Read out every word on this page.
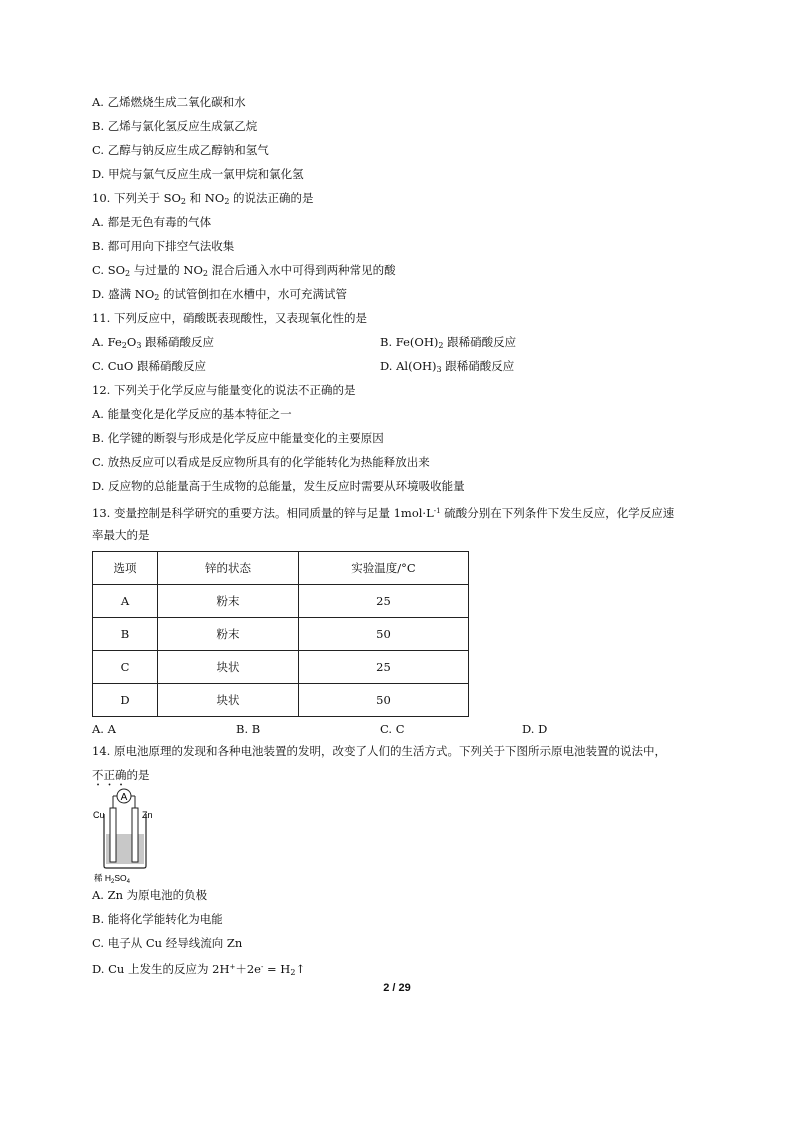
A. 乙烯燃烧生成二氧化碳和水
B. 乙烯与氯化氢反应生成氯乙烷
C. 乙醇与钠反应生成乙醇钠和氢气
D. 甲烷与氯气反应生成一氯甲烷和氯化氢
10. 下列关于 $SO_2$ 和 $NO_2$ 的说法正确的是
A. 都是无色有毒的气体
B. 都可用向下排空气法收集
C. $SO_2$ 与过量的 $NO_2$ 混合后通入水中可得到两种常见的酸
D. 盛满 $NO_2$ 的试管倒扣在水槽中，水可充满试管
11. 下列反应中，硝酸既表现酸性，又表现氧化性的是
A. $Fe_2O_3$ 跟稀硝酸反应	B. $Fe(OH)_2$ 跟稀硝酸反应
C. CuO 跟稀硝酸反应	D. $Al(OH)_3$ 跟稀硝酸反应
12. 下列关于化学反应与能量变化的说法不正确的是
A. 能量变化是化学反应的基本特征之一
B. 化学键的断裂与形成是化学反应中能量变化的主要原因
C. 放热反应可以看成是反应物所具有的化学能转化为热能释放出来
D. 反应物的总能量高于生成物的总能量，发生反应时需要从环境吸收能量
13. 变量控制是科学研究的重要方法。相同质量的锌与足量 $1mol\cdot L^{-1}$ 硫酸分别在下列条件下发生反应，化学反应速
率最大的是
选项	锌的状态	实验温度/°C
A	粉末	25
B	粉末	50
C	块状	25
D	块状	50
A. A	B. B	C. C	D. D
14. 原电池原理的发现和各种电池装置的发明，改变了人们的生活方式。下列关于下图所示原电池装置的说法中，
不正确的是
A
Cu	Zn
稀 $H_2SO_4$
A. Zn 为原电池的负极
B. 能将化学能转化为电能
C. 电子从 Cu 经导线流向 Zn
D. Cu 上发生的反应为 $2H^++2e^- = H_2↑$
2 / 29
